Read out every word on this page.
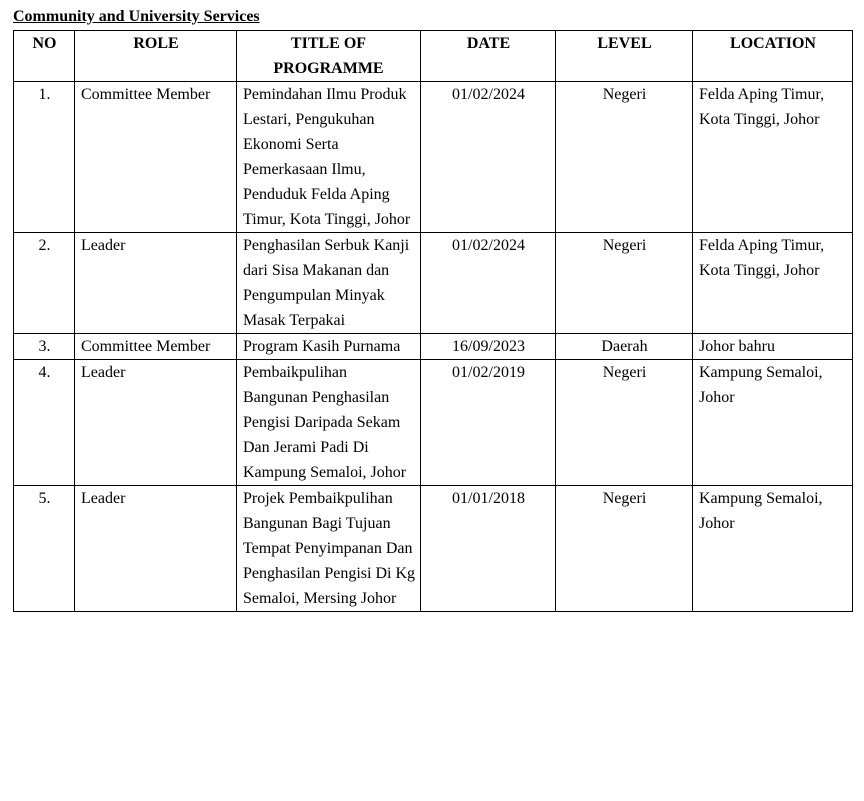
Community and University Services
NO	ROLE	TITLE OF PROGRAMME	DATE	LEVEL	LOCATION
1.	Committee Member	Pemindahan Ilmu Produk Lestari, Pengukuhan Ekonomi Serta Pemerkasaan Ilmu, Penduduk Felda Aping Timur, Kota Tinggi, Johor	01/02/2024	Negeri	Felda Aping Timur, Kota Tinggi, Johor
2.	Leader	Penghasilan Serbuk Kanji dari Sisa Makanan dan Pengumpulan Minyak Masak Terpakai	01/02/2024	Negeri	Felda Aping Timur, Kota Tinggi, Johor
3.	Committee Member	Program Kasih Purnama	16/09/2023	Daerah	Johor bahru
4.	Leader	Pembaikpulihan Bangunan Penghasilan Pengisi Daripada Sekam Dan Jerami Padi Di Kampung Semaloi, Johor	01/02/2019	Negeri	Kampung Semaloi, Johor
5.	Leader	Projek Pembaikpulihan Bangunan Bagi Tujuan Tempat Penyimpanan Dan Penghasilan Pengisi Di Kg Semaloi, Mersing Johor	01/01/2018	Negeri	Kampung Semaloi, Johor
